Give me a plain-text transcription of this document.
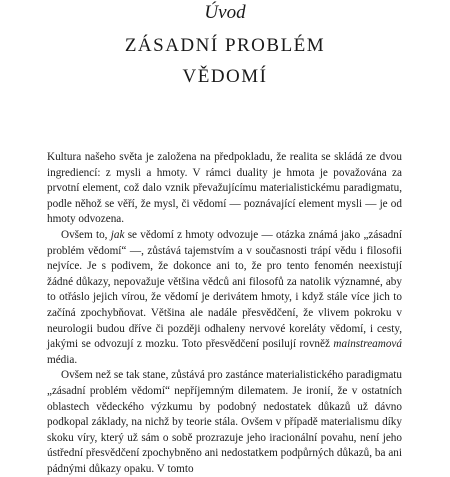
Úvod
ZÁSADNÍ PROBLÉM
VĚDOMÍ

Kultura našeho světa je založena na předpokladu, že realita se skládá ze dvou ingrediencí: z mysli a hmoty. V rámci duality je hmota je považována za prvotní element, což dalo vznik převažujícímu materialistickému paradigmatu, podle něhož se věří, že mysl, či vědomí — poznávající element mysli — je od hmoty odvozena.

Ovšem to, jak se vědomí z hmoty odvozuje — otázka známá jako „zásadní problém vědomí“ —, zůstává tajemstvím a v současnosti trápí vědu i filosofii nejvíce. Je s podivem, že dokonce ani to, že pro tento fenomén neexistují žádné důkazy, nepovažuje většina vědců ani filosofů za natolik významné, aby to otřáslo jejich vírou, že vědomí je derivátem hmoty, i když stále více jich to začíná zpochybňovat. Většina ale nadále přesvědčení, že vlivem pokroku v neurologii budou dříve či později odhaleny nervové koreláty vědomí, i cesty, jakými se odvozují z mozku. Toto přesvědčení posilují rovněž mainstreamová média.

Ovšem než se tak stane, zůstává pro zastánce materialistického paradigmatu „zásadní problém vědomí“ nepříjemným dilematem. Je ironií, že v ostatních oblastech vědeckého výzkumu by podobný nedostatek důkazů už dávno podkopal základy, na nichž by teorie stála. Ovšem v případě materialismu díky skoku víry, který už sám o sobě prozrazuje jeho iracionální povahu, není jeho ústřední přesvědčení zpochybněno ani nedostatkem podpůrných důkazů, ba ani pádnými důkazy opaku. V tomto
